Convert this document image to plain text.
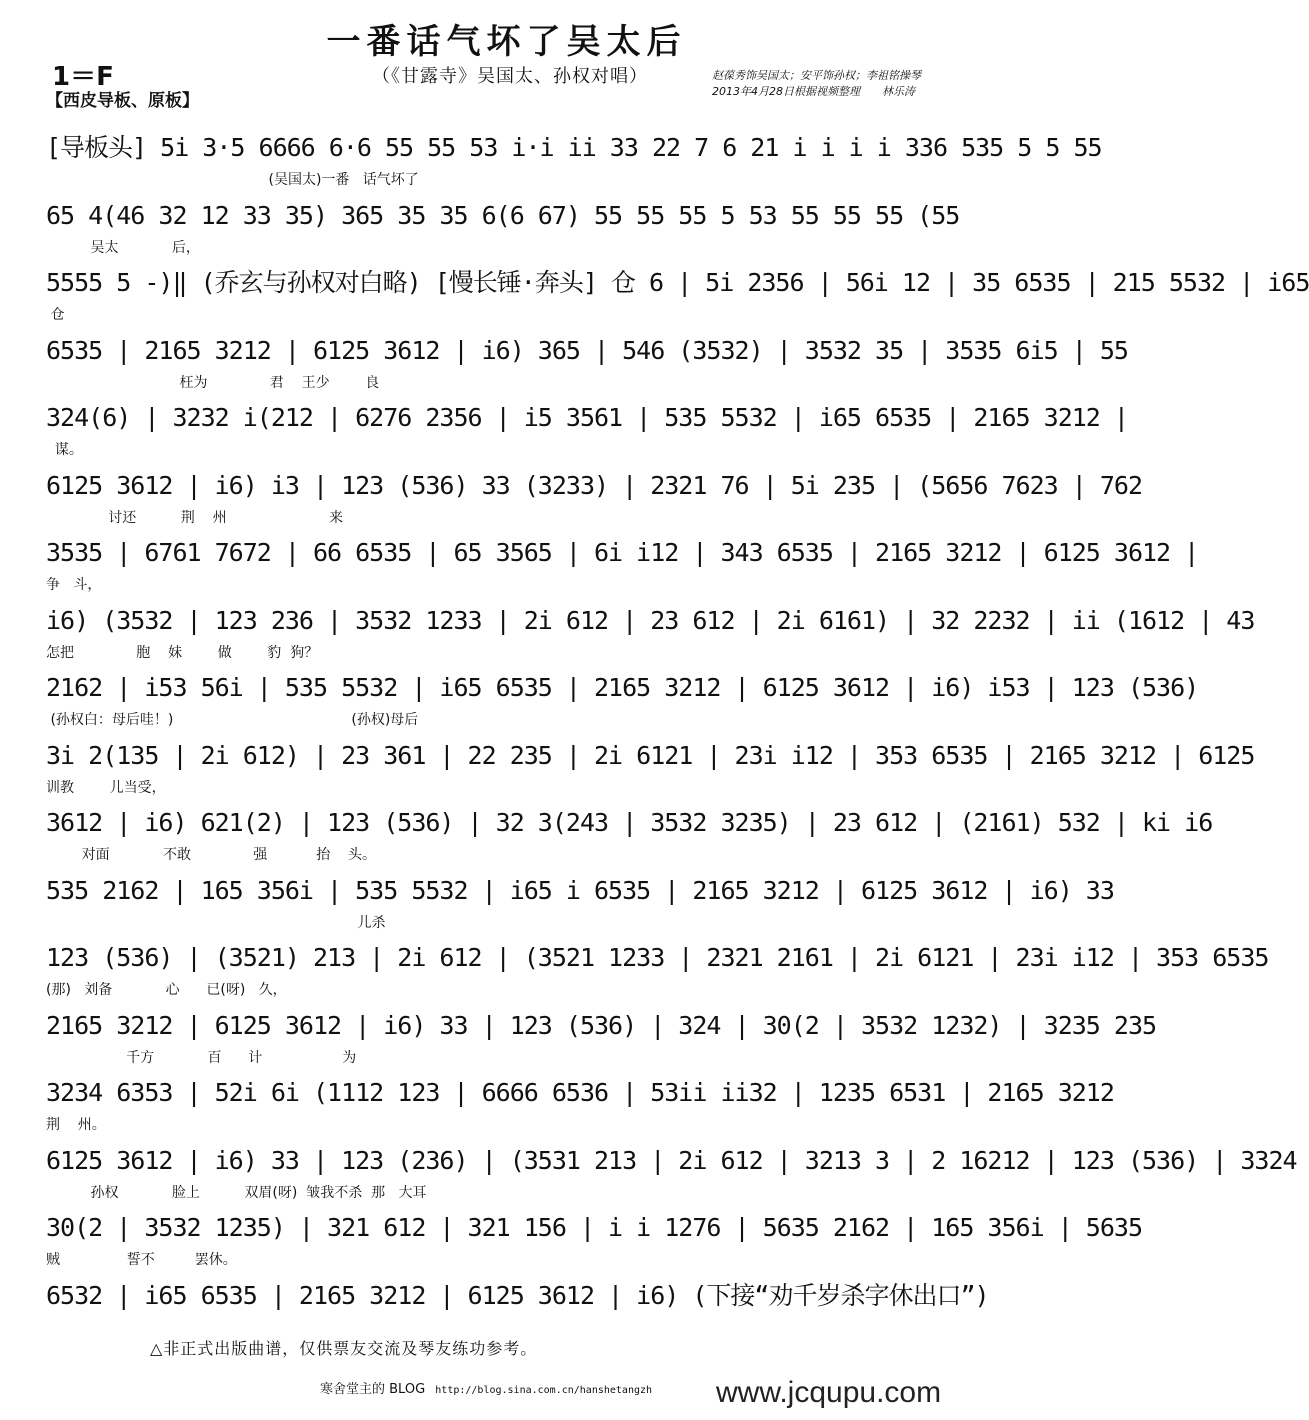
一番话气坏了吴太后
（《甘露寺》吴国太、孙权对唱）
1＝F
【西皮导板、原板】
赵葆秀饰吴国太；安平饰孙权；李祖铭操琴
2013年4月28日根据视频整理　　林乐涛
[导板头] 5i 3·5 6666 6·6 55 55 53 i·i ii 33 22 7 6 21 i i i i 336 535 5 5 55
(吴国太)一番   话气坏了
65 4(46 32 12 33 35) 365 35 35 6(6 67) 55 55 55 5 53 55 55 55 (55
吴太            后，
5555 5 -)‖ (乔玄与孙权对白略) [慢长锤·奔头] 仓 6 | 5i 2356 | 56i 12 | 35 6535 | 215 5532 | i65
仓
6535 | 2165 3212 | 6125 3612 | i6) 365 | 546 (3532) | 3532 35 | 3535 6i5 | 55
枉为              君    王少        良
324(6) | 3232 i(212 | 6276 2356 | i5 3561 | 535 5532 | i65 6535 | 2165 3212 |
谋。
6125 3612 | i6) i3 | 123 (536) 33 (3233) | 2321 76 | 5i 235 | (5656 7623 | 762
讨还          荆    州                       来
3535 | 6761 7672 | 66 6535 | 65 3565 | 6i i12 | 343 6535 | 2165 3212 | 6125 3612 |
争   斗，
i6) (3532 | 123 236 | 3532 1233 | 2i 612 | 23 612 | 2i 6161) | 32 2232 | ii (1612 | 43
怎把              胞    妹        做        豹  狗？
2162 | i53 56i | 535 5532 | i65 6535 | 2165 3212 | 6125 3612 | i6) i53 | 123 (536)
(孙权白：母后哇！)                                        (孙权)母后
3i 2(135 | 2i 612) | 23 361 | 22 235 | 2i 6121 | 23i i12 | 353 6535 | 2165 3212 | 6125
训教        儿当受，
3612 | i6) 621(2) | 123 (536) | 32 3(243 | 3532 3235) | 23 612 | (2161) 532 | ki i6
对面            不敢              强           抬    头。
535 2162 | 165 356i | 535 5532 | i65 i 6535 | 2165 3212 | 6125 3612 | i6) 33
儿杀
123 (536) | (3521) 213 | 2i 612 | (3521 1233 | 2321 2161 | 2i 6121 | 23i i12 | 353 6535
(那)   刘备            心      已(呀)   久，
2165 3212 | 6125 3612 | i6) 33 | 123 (536) | 324 | 30(2 | 3532 1232) | 3235 235
千方            百      计                  为
3234 6353 | 52i 6i (1112 123 | 6666 6536 | 53ii ii32 | 1235 6531 | 2165 3212
荆    州。
6125 3612 | i6) 33 | 123 (236) | (3531 213 | 2i 612 | 3213 3 | 2 16212 | 123 (536) | 3324
孙权            脸上          双眉(呀)  皱我不杀  那   大耳
30(2 | 3532 1235) | 321 612 | 321 156 | i i 1276 | 5635 2162 | 165 356i | 5635
贼               誓不         罢休。
6532 | i65 6535 | 2165 3212 | 6125 3612 | i6) (下接“劝千岁杀字休出口”)
△非正式出版曲谱，仅供票友交流及琴友练功参考。
寒舍堂主的 BLOG http://blog.sina.com.cn/hanshetangzh www.jcqupu.com
